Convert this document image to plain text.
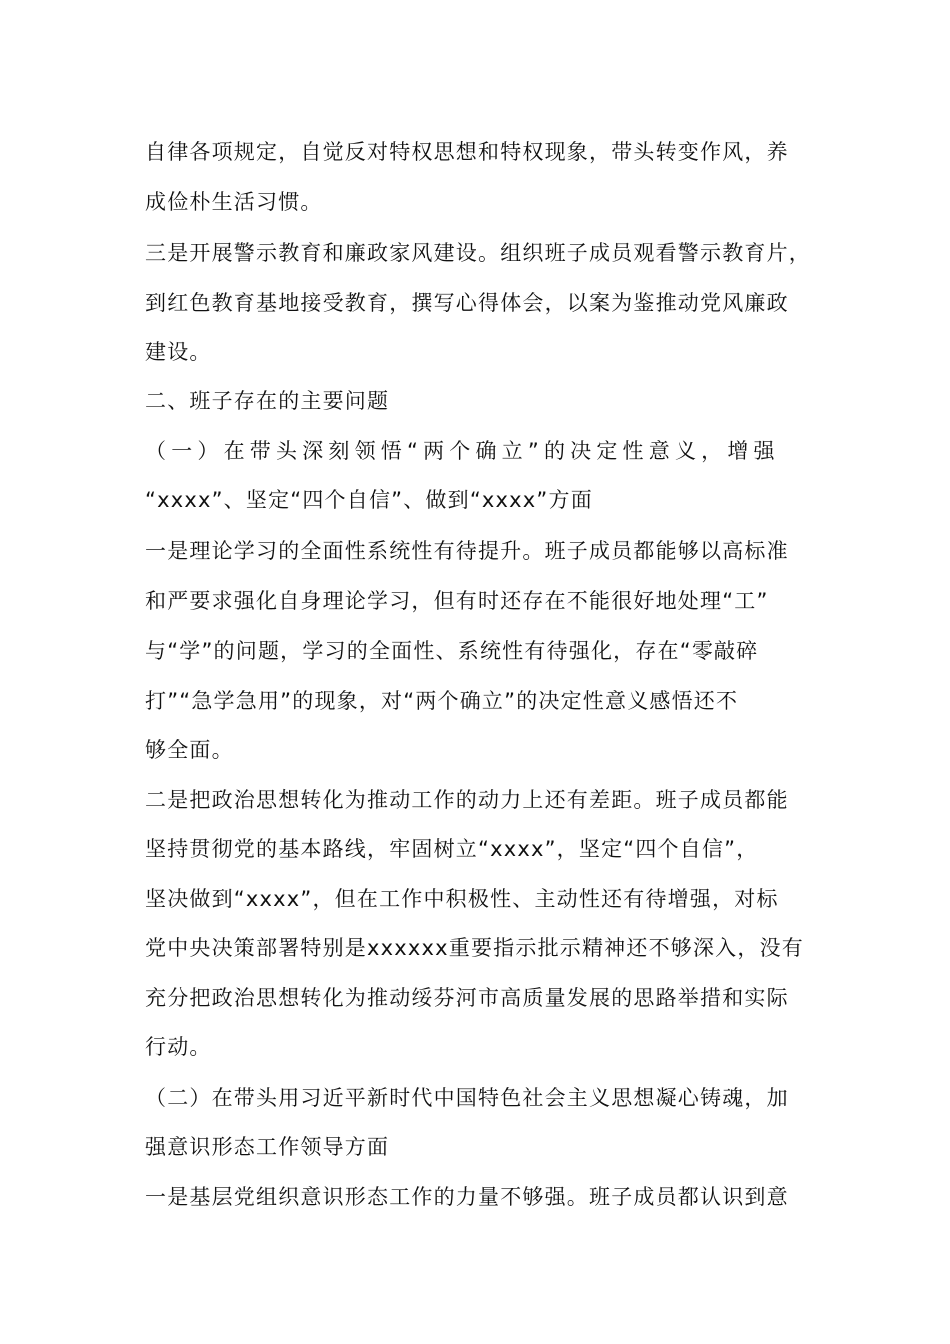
自律各项规定，自觉反对特权思想和特权现象，带头转变作风，养
成俭朴生活习惯。
三是开展警示教育和廉政家风建设。组织班子成员观看警示教育片，
到红色教育基地接受教育，撰写心得体会，以案为鉴推动党风廉政
建设。
二、班子存在的主要问题
（一）在带头深刻领悟“两个确立”的决定性意义，增强
“xxxx”、坚定“四个自信”、做到“xxxx”方面
一是理论学习的全面性系统性有待提升。班子成员都能够以高标准
和严要求强化自身理论学习，但有时还存在不能很好地处理“工”
与“学”的问题，学习的全面性、系统性有待强化，存在“零敲碎
打”“急学急用”的现象，对“两个确立”的决定性意义感悟还不
够全面。
二是把政治思想转化为推动工作的动力上还有差距。班子成员都能
坚持贯彻党的基本路线，牢固树立“xxxx”，坚定“四个自信”，
坚决做到“xxxx”，但在工作中积极性、主动性还有待增强，对标
党中央决策部署特别是xxxxxx重要指示批示精神还不够深入，没有
充分把政治思想转化为推动绥芬河市高质量发展的思路举措和实际
行动。
（二）在带头用习近平新时代中国特色社会主义思想凝心铸魂，加
强意识形态工作领导方面
一是基层党组织意识形态工作的力量不够强。班子成员都认识到意
